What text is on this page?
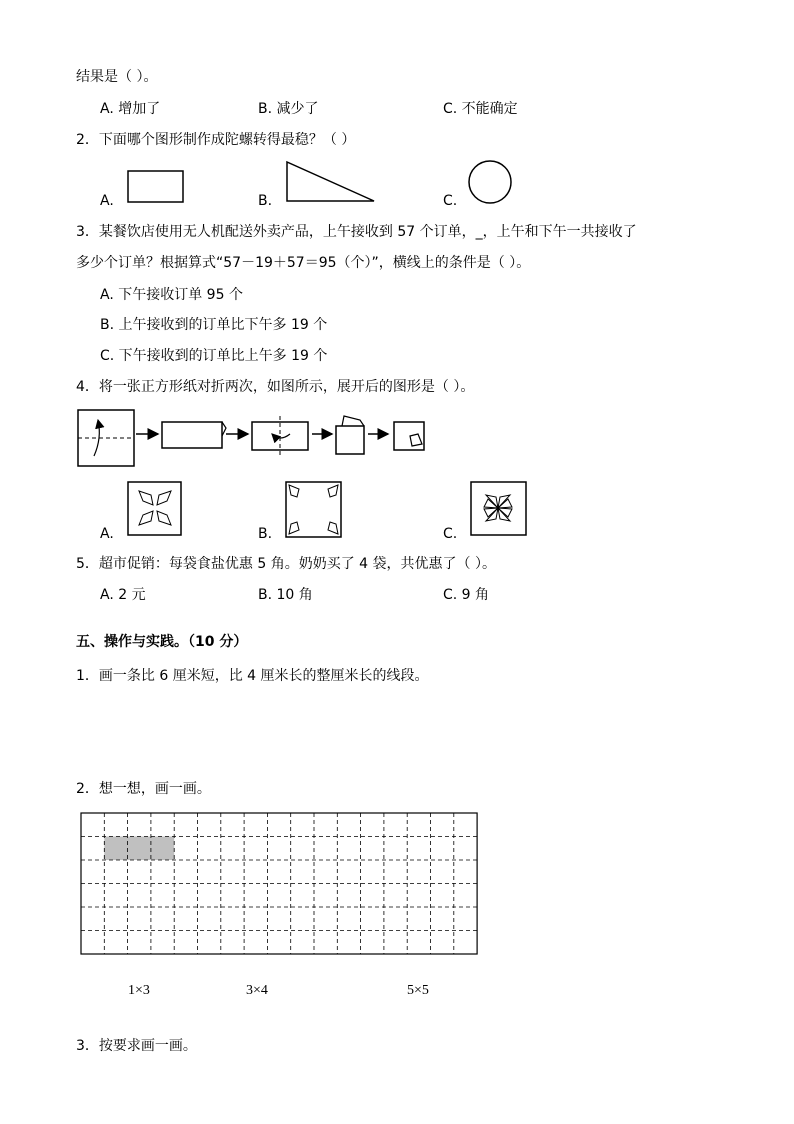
结果是（ ）。
A. 增加了	B. 减少了	C. 不能确定
2．下面哪个图形制作成陀螺转得最稳？（ ）
A.	B.	C.
3．某餐饮店使用无人机配送外卖产品，上午接收到 57 个订单，_，上午和下午一共接收了
多少个订单？根据算式“57－19＋57＝95（个）”，横线上的条件是（ ）。
A. 下午接收订单 95 个
B. 上午接收到的订单比下午多 19 个
C. 下午接收到的订单比上午多 19 个
4．将一张正方形纸对折两次，如图所示，展开后的图形是（ ）。
A.	B.	C.
5．超市促销：每袋食盐优惠 5 角。奶奶买了 4 袋，共优惠了（ ）。
A. 2 元	B. 10 角	C. 9 角
五、操作与实践。（10 分）
1．画一条比 6 厘米短，比 4 厘米长的整厘米长的线段。
2．想一想，画一画。
1×3	3×4	5×5
3．按要求画一画。
